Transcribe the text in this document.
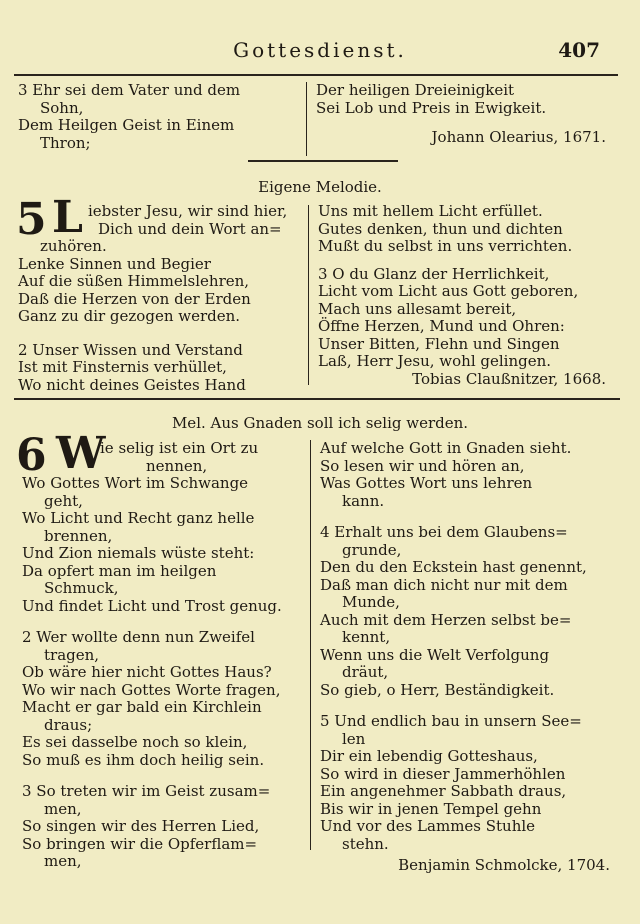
Gottesdienst.	407
3 Ehr sei dem Vater und dem
Sohn,
Dem Heilgen Geist in Einem
Thron;
Der heiligen Dreieinigkeit
Sei Lob und Preis in Ewigkeit.
Johann Olearius, 1671.
Eigene Melodie.
5 L iebster Jesu, wir sind hier,
Dich und dein Wort an=
zuhören.
Lenke Sinnen und Begier
Auf die süßen Himmelslehren,
Daß die Herzen von der Erden
Ganz zu dir gezogen werden.
2 Unser Wissen und Verstand
Ist mit Finsternis verhüllet,
Wo nicht deines Geistes Hand
Uns mit hellem Licht erfüllet.
Gutes denken, thun und dichten
Mußt du selbst in uns verrichten.
3 O du Glanz der Herrlichkeit,
Licht vom Licht aus Gott geboren,
Mach uns allesamt bereit,
Öffne Herzen, Mund und Ohren:
Unser Bitten, Flehn und Singen
Laß, Herr Jesu, wohl gelingen.
Tobias Claußnitzer, 1668.
Mel. Aus Gnaden soll ich selig werden.
6 W
ie selig ist ein Ort zu
nennen,
Wo Gottes Wort im Schwange
geht,
Wo Licht und Recht ganz helle
brennen,
Und Zion niemals wüste steht:
Da opfert man im heilgen
Schmuck,
Und findet Licht und Trost genug.
2 Wer wollte denn nun Zweifel
tragen,
Ob wäre hier nicht Gottes Haus?
Wo wir nach Gottes Worte fragen,
Macht er gar bald ein Kirchlein
draus;
Es sei dasselbe noch so klein,
So muß es ihm doch heilig sein.
3 So treten wir im Geist zusam=
men,
So singen wir des Herren Lied,
So bringen wir die Opferflam=
men,
Auf welche Gott in Gnaden sieht.
So lesen wir und hören an,
Was Gottes Wort uns lehren
kann.
4 Erhalt uns bei dem Glaubens=
grunde,
Den du den Eckstein hast genennt,
Daß man dich nicht nur mit dem
Munde,
Auch mit dem Herzen selbst be=
kennt,
Wenn uns die Welt Verfolgung
dräut,
So gieb, o Herr, Beständigkeit.
5 Und endlich bau in unsern See=
len
Dir ein lebendig Gotteshaus,
So wird in dieser Jammerhöhlen
Ein angenehmer Sabbath draus,
Bis wir in jenen Tempel gehn
Und vor des Lammes Stuhle
stehn.
Benjamin Schmolcke, 1704.
